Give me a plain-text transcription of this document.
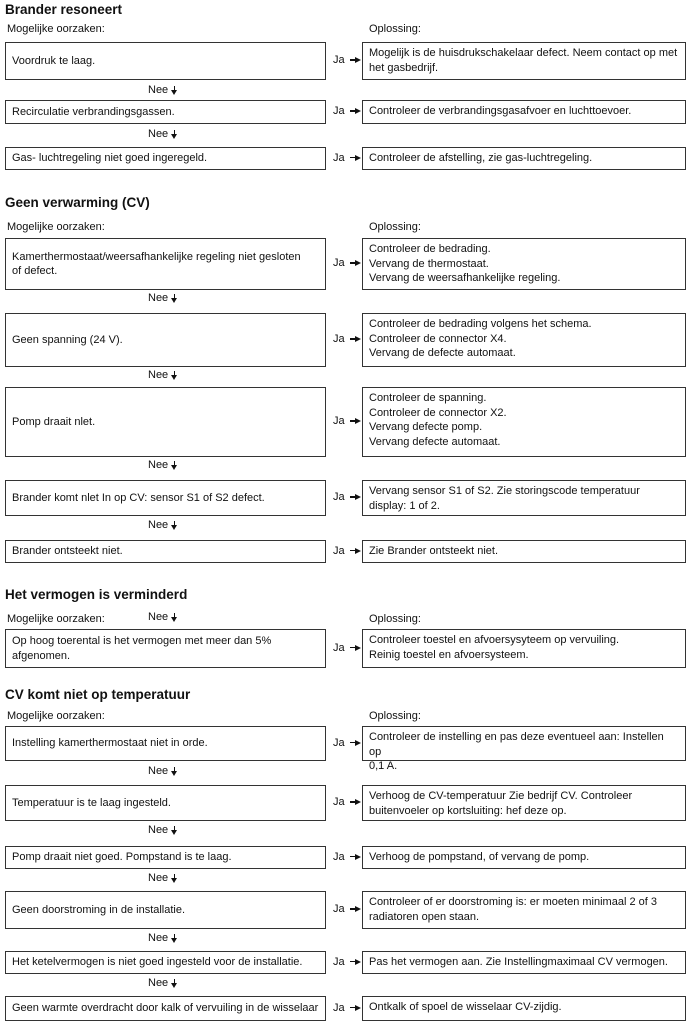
Brander resoneert
Mogelijke oorzaken:	Oplossing:
Voordruk te laag.
Mogelijk is de huisdrukschakelaar defect. Neem contact op met
het gasbedrijf.
Ja
Recirculatie verbrandingsgassen.	Controleer de verbrandingsgasafvoer en luchttoevoer.
Ja
Gas- luchtregeling niet goed ingeregeld.	Controleer de afstelling, zie gas-luchtregeling.
Ja
Nee
Nee
Geen verwarming (CV)
Mogelijke oorzaken:	Oplossing:
Kamerthermostaat/weersafhankelijke regeling niet gesloten
of defect.
Controleer de bedrading.
Vervang de thermostaat.
Vervang de weersafhankelijke regeling.
Ja
Geen spanning (24 V).
Controleer de bedrading volgens het schema.
Controleer de connector X4.
Vervang de defecte automaat.
Ja
Pomp draait nlet.
Controleer de spanning.
Controleer de connector X2.
Vervang defecte pomp.
Vervang defecte automaat.
Ja
Brander komt nlet In op CV: sensor S1 of S2 defect.
Vervang sensor S1 of S2. Zie storingscode temperatuur
display: 1 of 2.
Ja
Brander ontsteekt niet.	Zie Brander ontsteekt niet.
Ja
Nee
Nee
Nee
Nee
Het vermogen is verminderd
Mogelijke oorzaken:	Oplossing:
Nee
Op hoog toerental is het vermogen met meer dan 5% afgenomen.
Controleer toestel en afvoersysyteem op vervuiling.
Reinig toestel en afvoersysteem.
Ja
CV komt niet op temperatuur
Mogelijke oorzaken:	Oplossing:
Instelling kamerthermostaat niet in orde.
Controleer de instelling en pas deze eventueel aan: Instellen op
0,1 A.
Ja
Temperatuur is te laag ingesteld.
Verhoog de CV-temperatuur Zie bedrijf CV. Controleer
buitenvoeler op kortsluiting: hef deze op.
Ja
Pomp draait niet goed. Pompstand is te laag.	Verhoog de pompstand, of vervang de pomp.
Ja
Geen doorstroming in de installatie.
Controleer of er doorstroming is: er moeten minimaal 2 of 3
radiatoren open staan.
Ja
Het ketelvermogen is niet goed ingesteld voor de installatie.	Pas het vermogen aan. Zie Instellingmaximaal CV vermogen.
Ja
Geen warmte overdracht door kalk of vervuiling in de wisselaar	Ontkalk of spoel de wisselaar CV-zijdig.
Ja
Nee
Nee
Nee
Nee
Nee
